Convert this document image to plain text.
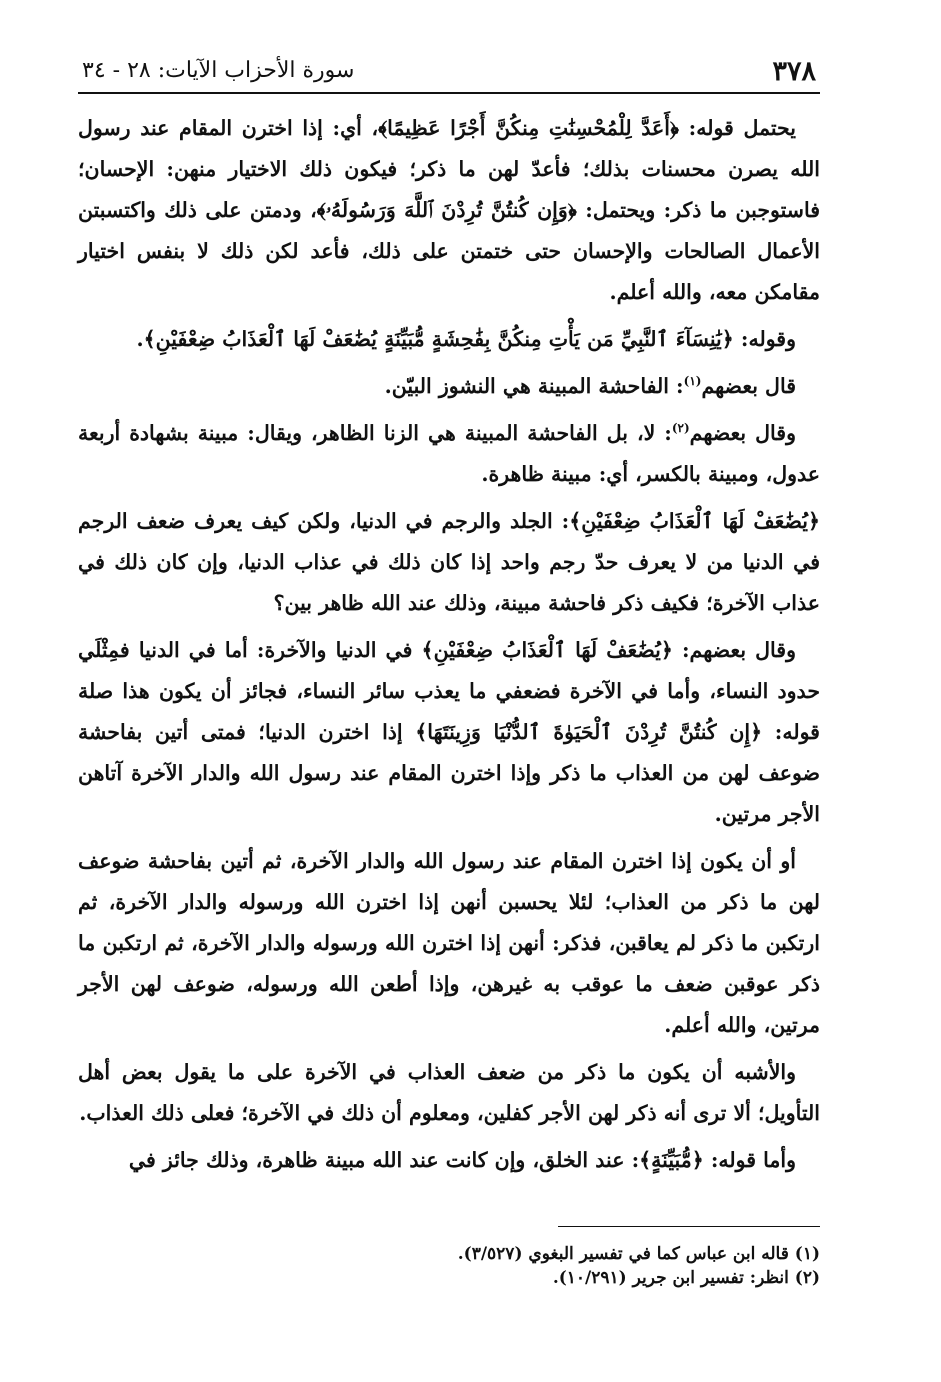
٣٧٨
سورة الأحزاب الآيات: ٢٨ - ٣٤

يحتمل قوله: ﴿أَعَدَّ لِلْمُحْسِنَٰتِ مِنكُنَّ أَجْرًا عَظِيمًا﴾، أي: إذا اخترن المقام عند رسول الله يصرن محسنات بذلك؛ فأعدّ لهن ما ذكر؛ فيكون ذلك الاختيار منهن: الإحسان؛ فاستوجبن ما ذكر: ويحتمل: ﴿وَإِن كُنتُنَّ تُرِدْنَ ٱللَّهَ وَرَسُولَهُۥ﴾، ودمتن على ذلك واكتسبتن الأعمال الصالحات والإحسان حتى ختمتن على ذلك، فأعد لكن ذلك لا بنفس اختيار مقامكن معه، والله أعلم.

وقوله: ﴿يَٰنِسَآءَ ٱلنَّبِيِّ مَن يَأْتِ مِنكُنَّ بِفَٰحِشَةٍ مُّبَيِّنَةٍ يُضَٰعَفْ لَهَا ٱلْعَذَابُ ضِعْفَيْنِ﴾.

قال بعضهم$^{(١)}$: الفاحشة المبينة هي النشوز البيّن.

وقال بعضهم$^{(٢)}$: لا، بل الفاحشة المبينة هي الزنا الظاهر، ويقال: مبينة بشهادة أربعة عدول، ومبينة بالكسر، أي: مبينة ظاهرة.

﴿يُضَٰعَفْ لَهَا ٱلْعَذَابُ ضِعْفَيْنِ﴾: الجلد والرجم في الدنيا، ولكن كيف يعرف ضعف الرجم في الدنيا من لا يعرف حدّ رجم واحد إذا كان ذلك في عذاب الدنيا، وإن كان ذلك في عذاب الآخرة؛ فكيف ذكر فاحشة مبينة، وذلك عند الله ظاهر بين؟

وقال بعضهم: ﴿يُضَٰعَفْ لَهَا ٱلْعَذَابُ ضِعْفَيْنِ﴾ في الدنيا والآخرة: أما في الدنيا فمِثْلَي حدود النساء، وأما في الآخرة فضعفي ما يعذب سائر النساء، فجائز أن يكون هذا صلة قوله: ﴿إِن كُنتُنَّ تُرِدْنَ ٱلْحَيَوٰةَ ٱلدُّنْيَا وَزِينَتَهَا﴾ إذا اخترن الدنيا؛ فمتى أتين بفاحشة ضوعف لهن من العذاب ما ذكر وإذا اخترن المقام عند رسول الله والدار الآخرة آتاهن الأجر مرتين.

أو أن يكون إذا اخترن المقام عند رسول الله والدار الآخرة، ثم أتين بفاحشة ضوعف لهن ما ذكر من العذاب؛ لئلا يحسبن أنهن إذا اخترن الله ورسوله والدار الآخرة، ثم ارتكبن ما ذكر لم يعاقبن، فذكر: أنهن إذا اخترن الله ورسوله والدار الآخرة، ثم ارتكبن ما ذكر عوقبن ضعف ما عوقب به غيرهن، وإذا أطعن الله ورسوله، ضوعف لهن الأجر مرتين، والله أعلم.

والأشبه أن يكون ما ذكر من ضعف العذاب في الآخرة على ما يقول بعض أهل التأويل؛ ألا ترى أنه ذكر لهن الأجر كفلين، ومعلوم أن ذلك في الآخرة؛ فعلى ذلك العذاب.

وأما قوله: ﴿مُّبَيِّنَةٍ﴾: عند الخلق، وإن كانت عند الله مبينة ظاهرة، وذلك جائز في

(١) قاله ابن عباس كما في تفسير البغوي (٣/٥٢٧).

(٢) انظر: تفسير ابن جرير (١٠/٢٩١).
